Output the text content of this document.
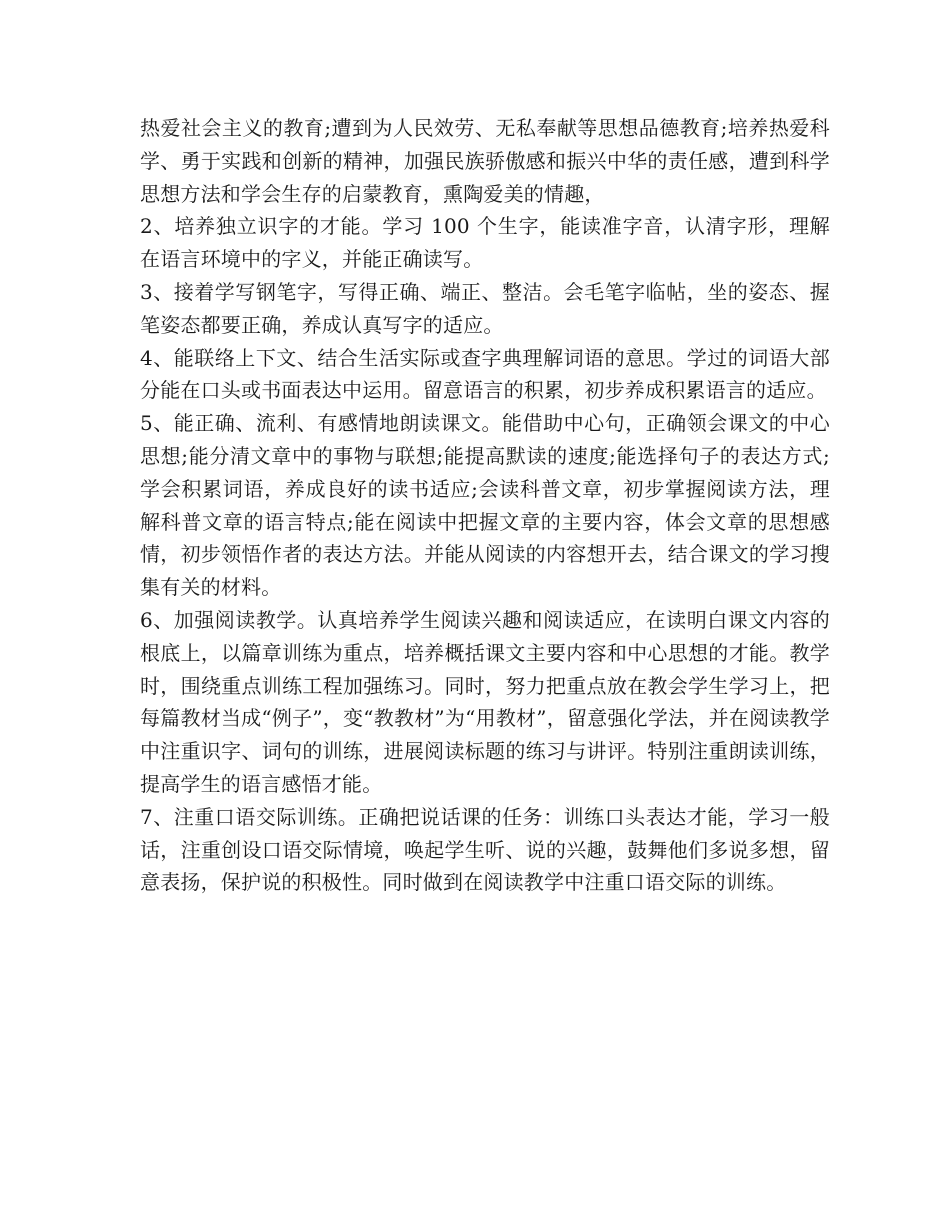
热爱社会主义的教育;遭到为人民效劳、无私奉献等思想品德教育;培养热爱科学、勇于实践和创新的精神，加强民族骄傲感和振兴中华的责任感，遭到科学思想方法和学会生存的启蒙教育，熏陶爱美的情趣，

2、培养独立识字的才能。学习 100 个生字，能读准字音，认清字形，理解在语言环境中的字义，并能正确读写。

3、接着学写钢笔字，写得正确、端正、整洁。会毛笔字临帖，坐的姿态、握笔姿态都要正确，养成认真写字的适应。

4、能联络上下文、结合生活实际或查字典理解词语的意思。学过的词语大部分能在口头或书面表达中运用。留意语言的积累，初步养成积累语言的适应。

5、能正确、流利、有感情地朗读课文。能借助中心句，正确领会课文的中心思想;能分清文章中的事物与联想;能提高默读的速度;能选择句子的表达方式;学会积累词语，养成良好的读书适应;会读科普文章，初步掌握阅读方法，理解科普文章的语言特点;能在阅读中把握文章的主要内容，体会文章的思想感情，初步领悟作者的表达方法。并能从阅读的内容想开去，结合课文的学习搜集有关的材料。

6、加强阅读教学。认真培养学生阅读兴趣和阅读适应，在读明白课文内容的根底上，以篇章训练为重点，培养概括课文主要内容和中心思想的才能。教学时，围绕重点训练工程加强练习。同时，努力把重点放在教会学生学习上，把每篇教材当成“例子”，变“教教材”为“用教材”，留意强化学法，并在阅读教学中注重识字、词句的训练，进展阅读标题的练习与讲评。特别注重朗读训练，提高学生的语言感悟才能。

7、注重口语交际训练。正确把说话课的任务：训练口头表达才能，学习一般话，注重创设口语交际情境，唤起学生听、说的兴趣，鼓舞他们多说多想，留意表扬，保护说的积极性。同时做到在阅读教学中注重口语交际的训练。
